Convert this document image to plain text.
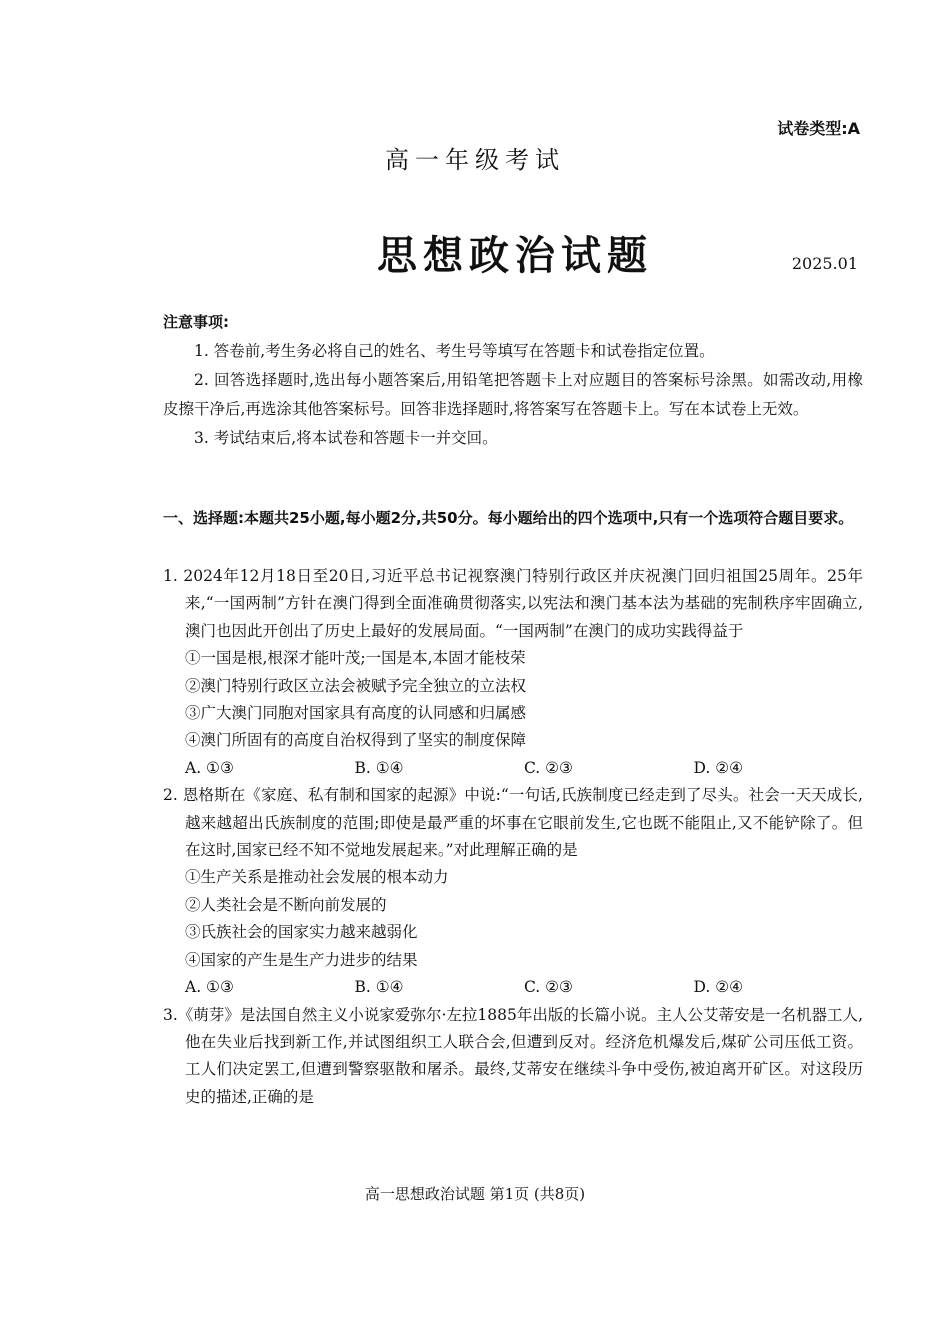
试卷类型:A
高一年级考试
思想政治试题	2025.01
注意事项:
1. 答卷前,考生务必将自己的姓名、考生号等填写在答题卡和试卷指定位置。
2. 回答选择题时,选出每小题答案后,用铅笔把答题卡上对应题目的答案标号涂黑。如需改动,用橡皮擦干净后,再选涂其他答案标号。回答非选择题时,将答案写在答题卡上。写在本试卷上无效。
3. 考试结束后,将本试卷和答题卡一并交回。
一、选择题:本题共25小题,每小题2分,共50分。每小题给出的四个选项中,只有一个选项符合题目要求。
1. 2024年12月18日至20日,习近平总书记视察澳门特别行政区并庆祝澳门回归祖国25周年。25年来,“一国两制”方针在澳门得到全面准确贯彻落实,以宪法和澳门基本法为基础的宪制秩序牢固确立,澳门也因此开创出了历史上最好的发展局面。“一国两制”在澳门的成功实践得益于
①一国是根,根深才能叶茂;一国是本,本固才能枝荣
②澳门特别行政区立法会被赋予完全独立的立法权
③广大澳门同胞对国家具有高度的认同感和归属感
④澳门所固有的高度自治权得到了坚实的制度保障
A. ①③	B. ①④	C. ②③	D. ②④
2. 恩格斯在《家庭、私有制和国家的起源》中说:“一句话,氏族制度已经走到了尽头。社会一天天成长,越来越超出氏族制度的范围;即使是最严重的坏事在它眼前发生,它也既不能阻止,又不能铲除了。但在这时,国家已经不知不觉地发展起来。”对此理解正确的是
①生产关系是推动社会发展的根本动力
②人类社会是不断向前发展的
③氏族社会的国家实力越来越弱化
④国家的产生是生产力进步的结果
A. ①③	B. ①④	C. ②③	D. ②④
3.《萌芽》是法国自然主义小说家爱弥尔·左拉1885年出版的长篇小说。主人公艾蒂安是一名机器工人,他在失业后找到新工作,并试图组织工人联合会,但遭到反对。经济危机爆发后,煤矿公司压低工资。工人们决定罢工,但遭到警察驱散和屠杀。最终,艾蒂安在继续斗争中受伤,被迫离开矿区。对这段历史的描述,正确的是
高一思想政治试题 第1页 (共8页)
